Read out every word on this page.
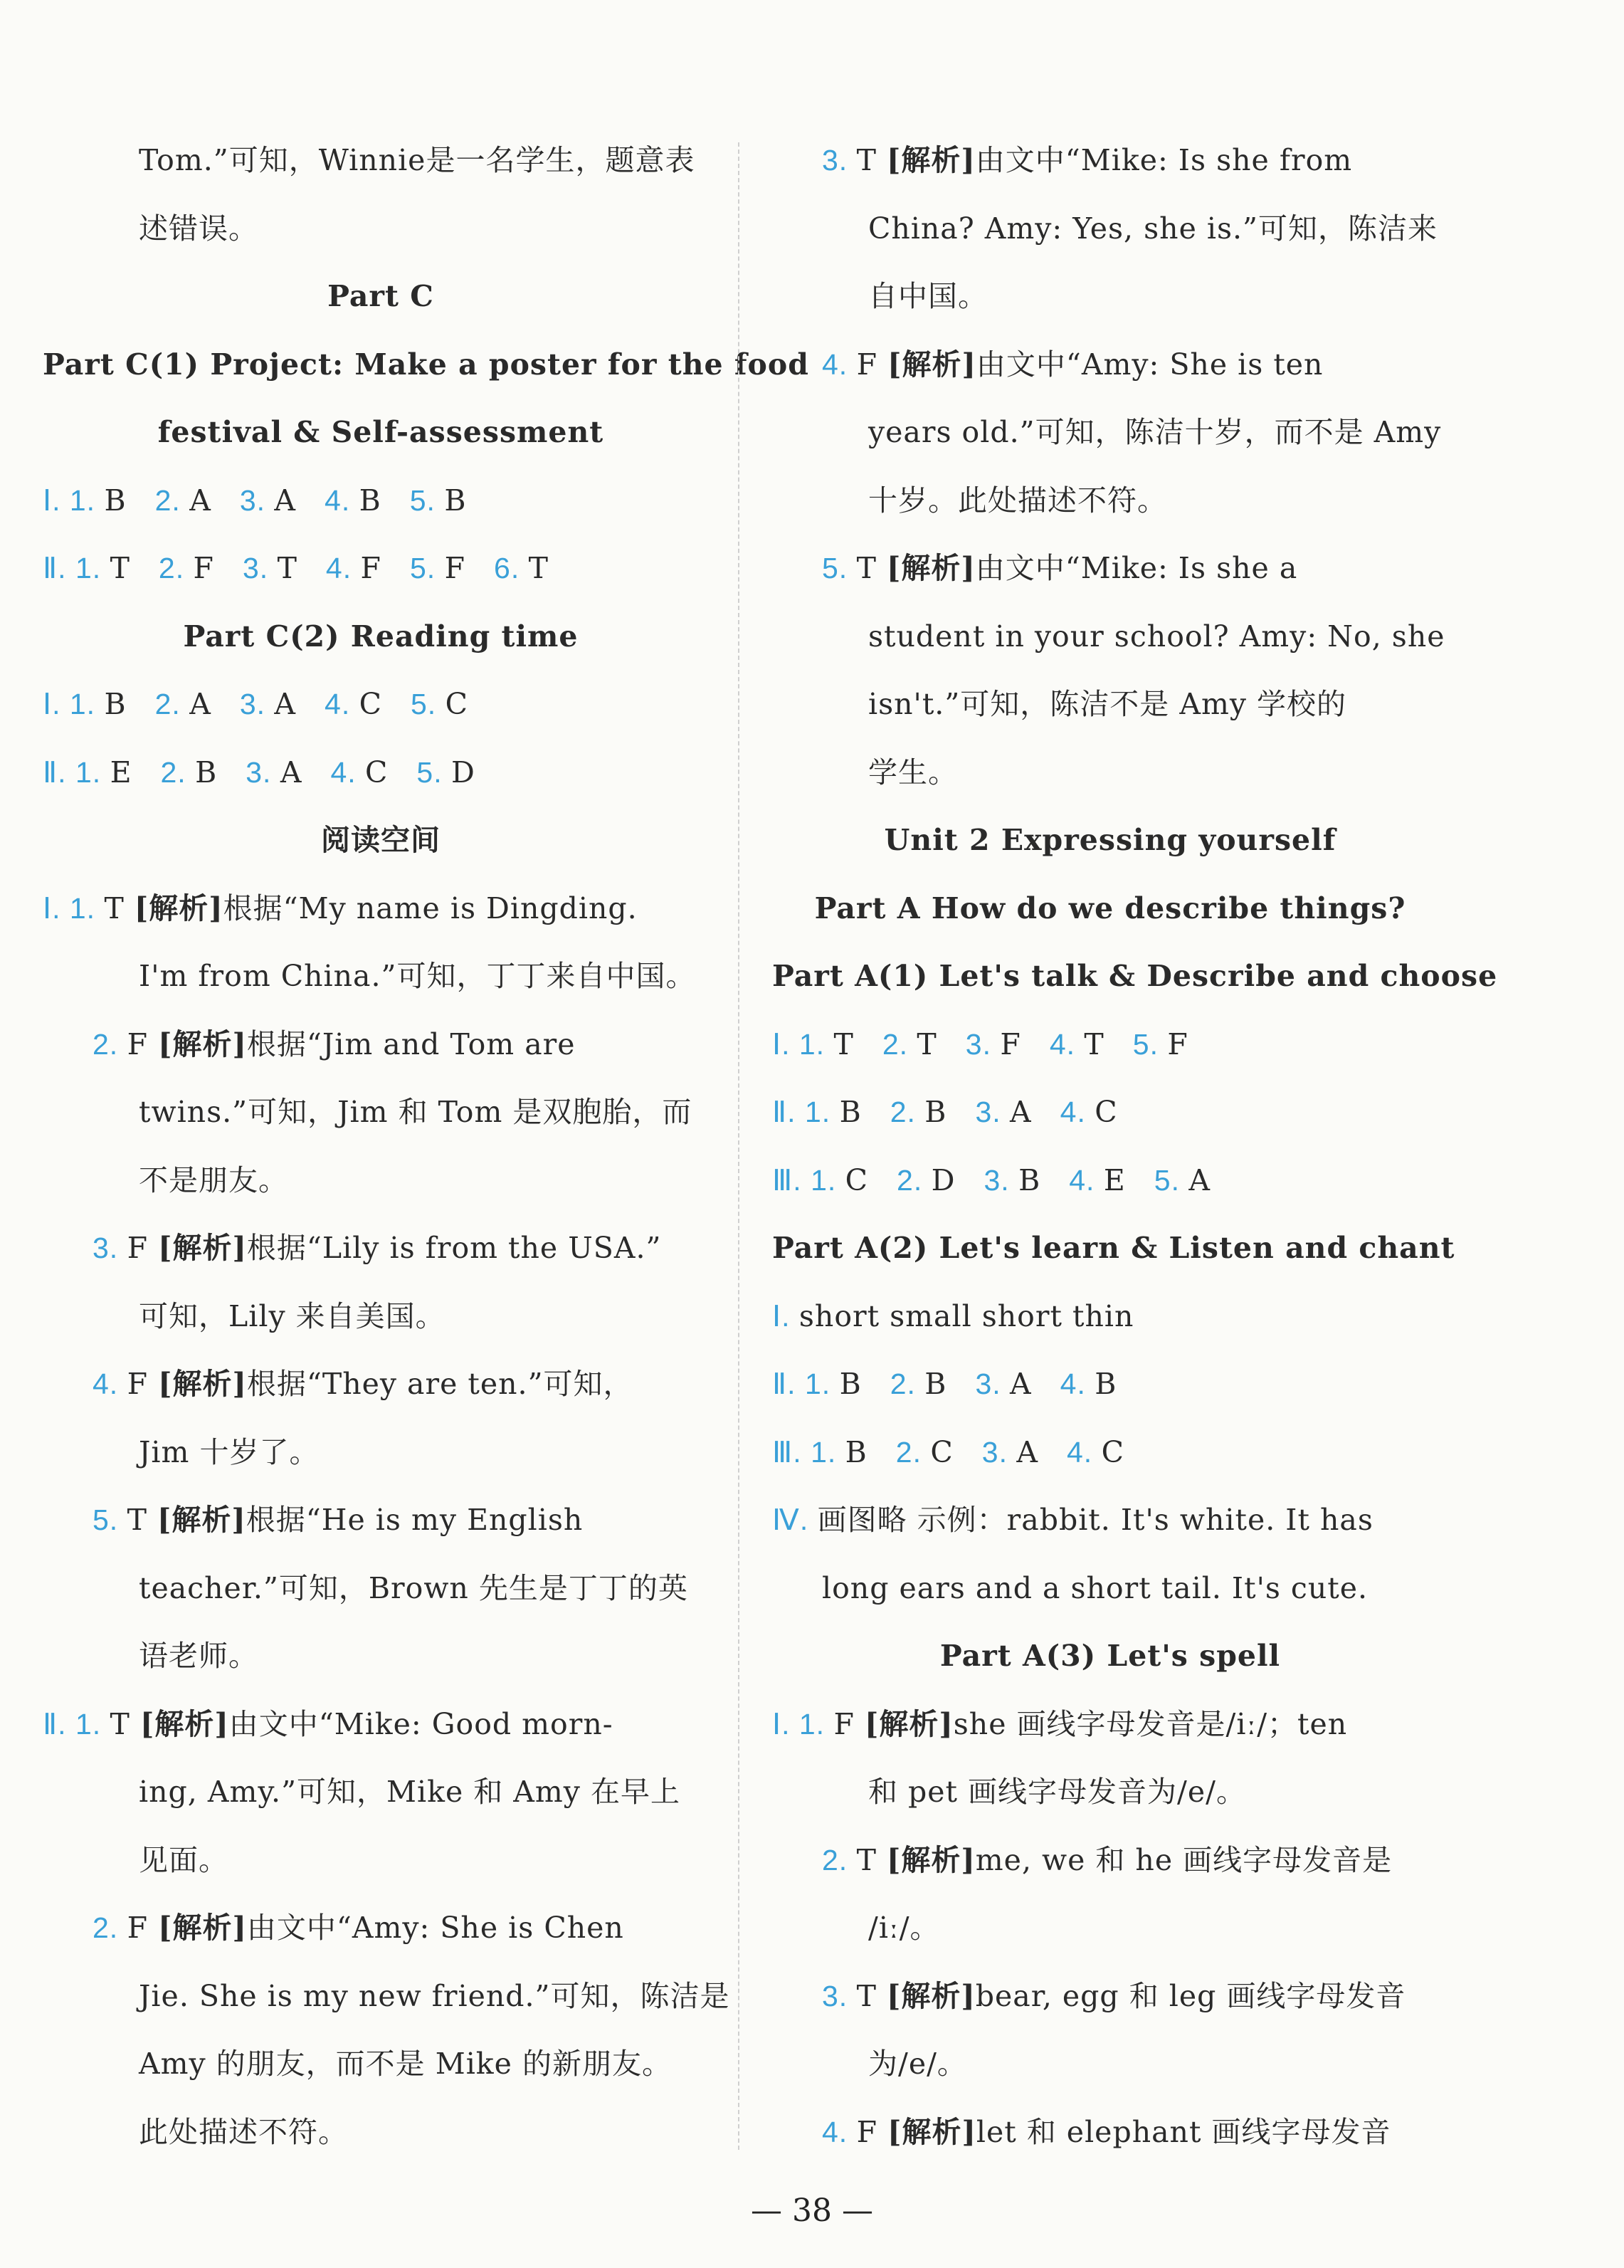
Tom.”可知，Winnie是一名学生，题意表
述错误。
Part C
Part C(1) Project: Make a poster for the food
festival & Self-assessment
Ⅰ. 1. B 2. A 3. A 4. B 5. B
Ⅱ. 1. T 2. F 3. T 4. F 5. F 6. T
Part C(2) Reading time
Ⅰ. 1. B 2. A 3. A 4. C 5. C
Ⅱ. 1. E 2. B 3. A 4. C 5. D
阅读空间
Ⅰ. 1. T [解析]根据“My name is Dingding.
I'm from China.”可知，丁丁来自中国。
2. F [解析]根据“Jim and Tom are
twins.”可知，Jim 和 Tom 是双胞胎，而
不是朋友。
3. F [解析]根据“Lily is from the USA.”
可知，Lily 来自美国。
4. F [解析]根据“They are ten.”可知，
Jim 十岁了。
5. T [解析]根据“He is my English
teacher.”可知，Brown 先生是丁丁的英
语老师。
Ⅱ. 1. T [解析]由文中“Mike: Good morn-
ing, Amy.”可知，Mike 和 Amy 在早上
见面。
2. F [解析]由文中“Amy: She is Chen
Jie. She is my new friend.”可知，陈洁是
Amy 的朋友，而不是 Mike 的新朋友。
此处描述不符。
3. T [解析]由文中“Mike: Is she from
China? Amy: Yes, she is.”可知，陈洁来
自中国。
4. F [解析]由文中“Amy: She is ten
years old.”可知，陈洁十岁，而不是 Amy
十岁。此处描述不符。
5. T [解析]由文中“Mike: Is she a
student in your school? Amy: No, she
isn't.”可知，陈洁不是 Amy 学校的
学生。
Unit 2 Expressing yourself
Part A How do we describe things?
Part A(1) Let's talk & Describe and choose
Ⅰ. 1. T 2. T 3. F 4. T 5. F
Ⅱ. 1. B 2. B 3. A 4. C
Ⅲ. 1. C 2. D 3. B 4. E 5. A
Part A(2) Let's learn & Listen and chant
Ⅰ. short small short thin
Ⅱ. 1. B 2. B 3. A 4. B
Ⅲ. 1. B 2. C 3. A 4. C
Ⅳ. 画图略 示例：rabbit. It's white. It has
long ears and a short tail. It's cute.
Part A(3) Let's spell
Ⅰ. 1. F [解析]she 画线字母发音是/iː/；ten
和 pet 画线字母发音为/e/。
2. T [解析]me, we 和 he 画线字母发音是
/iː/。
3. T [解析]bear, egg 和 leg 画线字母发音
为/e/。
4. F [解析]let 和 elephant 画线字母发音
— 38 —
